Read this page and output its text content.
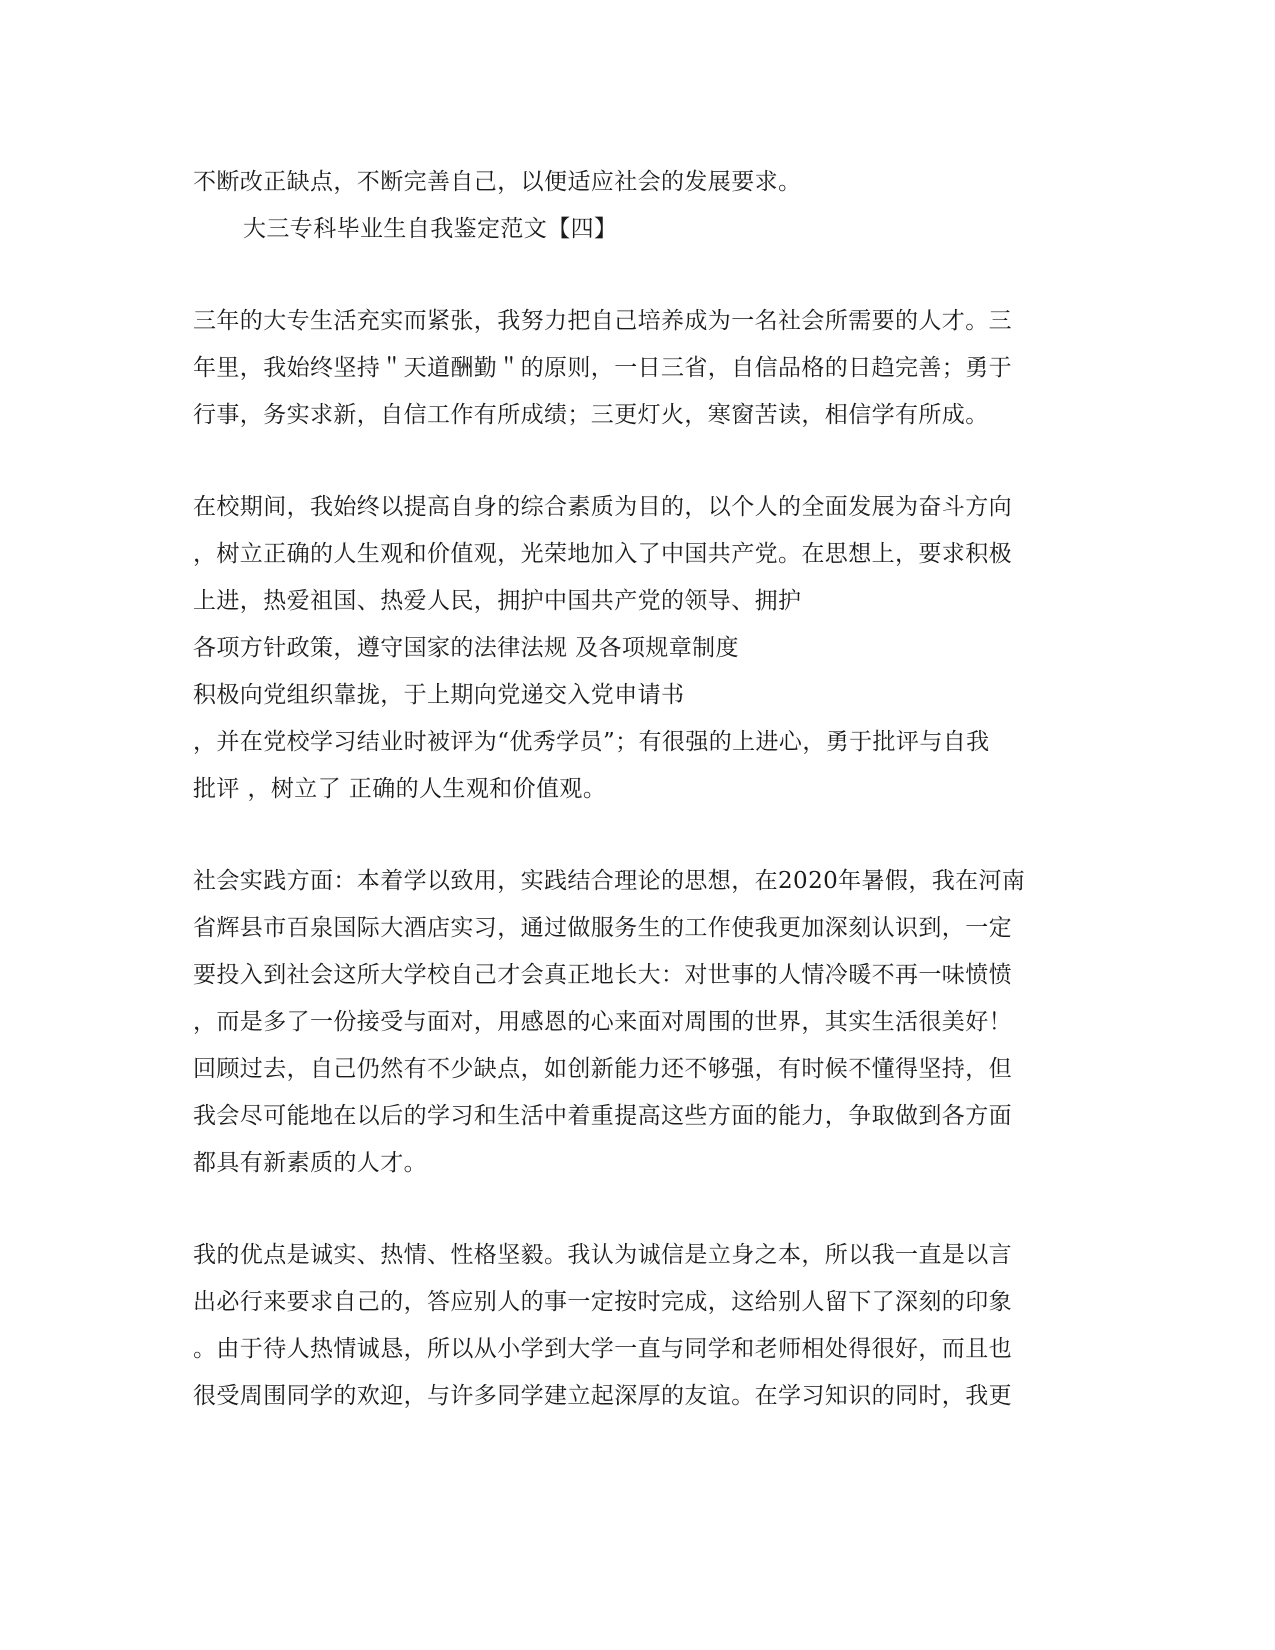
不断改正缺点，不断完善自己，以便适应社会的发展要求。
大三专科毕业生自我鉴定范文【四】
三年的大专生活充实而紧张，我努力把自己培养成为一名社会所需要的人才。三
年里，我始终坚持＂天道酬勤＂的原则，一日三省，自信品格的日趋完善；勇于
行事，务实求新，自信工作有所成绩；三更灯火，寒窗苦读，相信学有所成。
在校期间，我始终以提高自身的综合素质为目的，以个人的全面发展为奋斗方向
，树立正确的人生观和价值观，光荣地加入了中国共产党。在思想上，要求积极
上进，热爱祖国、热爱人民，拥护中国共产党的领导、拥护
各项方针政策，遵守国家的法律法规 及各项规章制度
积极向党组织靠拢，于上期向党递交入党申请书
，并在党校学习结业时被评为“优秀学员”；有很强的上进心，勇于批评与自我
批评 ，树立了 正确的人生观和价值观。
社会实践方面：本着学以致用，实践结合理论的思想，在2020年暑假，我在河南
省辉县市百泉国际大酒店实习，通过做服务生的工作使我更加深刻认识到，一定
要投入到社会这所大学校自己才会真正地长大：对世事的人情冷暖不再一味愤愤
，而是多了一份接受与面对，用感恩的心来面对周围的世界，其实生活很美好！
回顾过去，自己仍然有不少缺点，如创新能力还不够强，有时候不懂得坚持，但
我会尽可能地在以后的学习和生活中着重提高这些方面的能力，争取做到各方面
都具有新素质的人才。
我的优点是诚实、热情、性格坚毅。我认为诚信是立身之本，所以我一直是以言
出必行来要求自己的，答应别人的事一定按时完成，这给别人留下了深刻的印象
。由于待人热情诚恳，所以从小学到大学一直与同学和老师相处得很好，而且也
很受周围同学的欢迎，与许多同学建立起深厚的友谊。在学习知识的同时，我更
